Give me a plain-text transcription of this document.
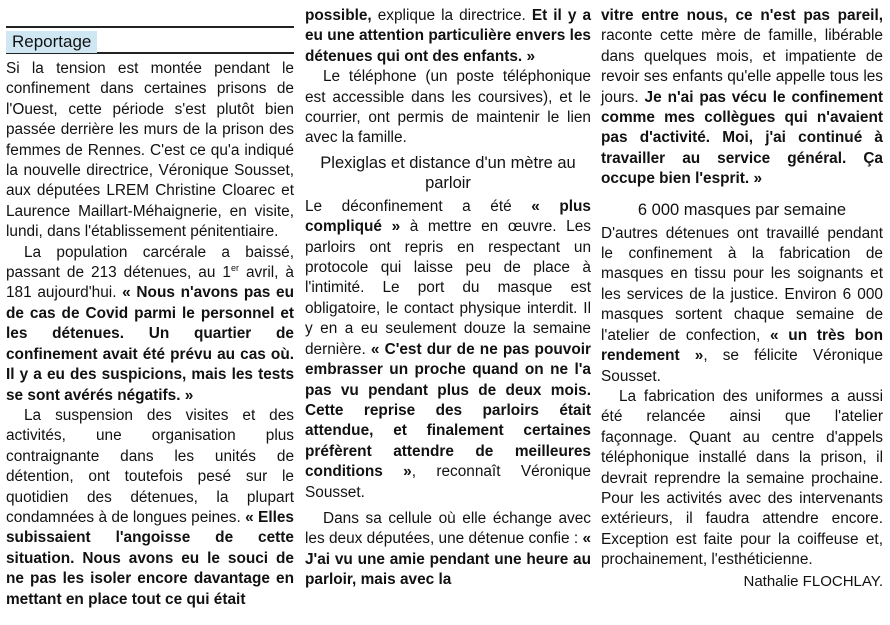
Reportage

Si la tension est montée pendant le confinement dans certaines prisons de l'Ouest, cette période s'est plutôt bien passée derrière les murs de la prison des femmes de Rennes. C'est ce qu'a indiqué la nouvelle directrice, Véronique Sousset, aux députées LREM Christine Cloarec et Laurence Maillart-Méhaignerie, en visite, lundi, dans l'établissement pénitentiaire.

La population carcérale a baissé, passant de 213 détenues, au 1er avril, à 181 aujourd'hui. « Nous n'avons pas eu de cas de Covid parmi le personnel et les détenues. Un quartier de confinement avait été prévu au cas où. Il y a eu des suspicions, mais les tests se sont avérés négatifs. »

La suspension des visites et des activités, une organisation plus contraignante dans les unités de détention, ont toutefois pesé sur le quotidien des détenues, la plupart condamnées à de longues peines. « Elles subissaient l'angoisse de cette situation. Nous avons eu le souci de ne pas les isoler encore davantage en mettant en place tout ce qui était

possible, explique la directrice. Et il y a eu une attention particulière envers les détenues qui ont des enfants. »

Le téléphone (un poste téléphonique est accessible dans les coursives), et le courrier, ont permis de maintenir le lien avec la famille.

Plexiglas et distance d'un mètre au parloir

Le déconfinement a été « plus compliqué » à mettre en œuvre. Les parloirs ont repris en respectant un protocole qui laisse peu de place à l'intimité. Le port du masque est obligatoire, le contact physique interdit. Il y en a eu seulement douze la semaine dernière. « C'est dur de ne pas pouvoir embrasser un proche quand on ne l'a pas vu pendant plus de deux mois. Cette reprise des parloirs était attendue, et finalement certaines préfèrent attendre de meilleures conditions », reconnaît Véronique Sousset.

Dans sa cellule où elle échange avec les deux députées, une détenue confie : « J'ai vu une amie pendant une heure au parloir, mais avec la

vitre entre nous, ce n'est pas pareil, raconte cette mère de famille, libérable dans quelques mois, et impatiente de revoir ses enfants qu'elle appelle tous les jours. Je n'ai pas vécu le confinement comme mes collègues qui n'avaient pas d'activité. Moi, j'ai continué à travailler au service général. Ça occupe bien l'esprit. »

6 000 masques par semaine

D'autres détenues ont travaillé pendant le confinement à la fabrication de masques en tissu pour les soignants et les services de la justice. Environ 6 000 masques sortent chaque semaine de l'atelier de confection, « un très bon rendement », se félicite Véronique Sousset.

La fabrication des uniformes a aussi été relancée ainsi que l'atelier façonnage. Quant au centre d'appels téléphonique installé dans la prison, il devrait reprendre la semaine prochaine. Pour les activités avec des intervenants extérieurs, il faudra attendre encore. Exception est faite pour la coiffeuse et, prochainement, l'esthéticienne.

Nathalie FLOCHLAY.
